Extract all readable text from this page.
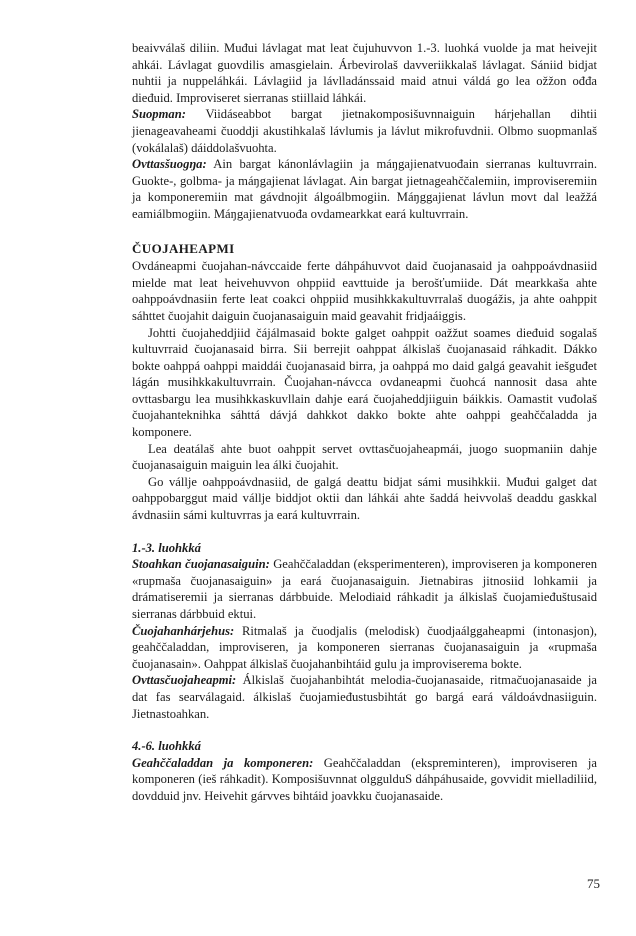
beaivválaš diliin. Muđui lávlagat mat leat čujuhuvvon 1.-3. luohká vuolde ja mat heivejit ahkái. Lávlagat guovdilis amasgielain. Árbevirolaš davveriikkalaš lávlagat. Sániid bidjat nuhtii ja nuppeláhkái. Lávlagiid ja lávlladánssaid maid atnui váldá go lea ožžon ođđa dieđuid. Improviseret sierranas stiillaid láhkái.

Suopman: Viidáseabbot bargat jietnakomposišuvnnaiguin hárjehallan dihtii jienageavaheami čuoddji akustihkalaš lávlumis ja lávlut mikrofuvdnii. Olbmo suopmanlaš (vokálalaš) dáiddolašvuohta.

Ovttasšuogŋa: Ain bargat kánonlávlagiin ja máŋgajienatvuođain sierranas kultuvrrain. Guokte-, golbma- ja máŋgajienat lávlagat. Ain bargat jietnageahččalemiin, improviseremiin ja komponeremiin mat gávdnojit álgoálbmogiin. Máŋggajienat lávlun movt dal leažžá eamiálbmogiin. Máŋgajienatvuođa ovdamearkkat eará kultuvrrain.

ČUOJAHEAPMI

Ovdáneapmi čuojahan-návccaide ferte dáhpáhuvvot daid čuojanasaid ja oahppoávdnasiid mielde mat leat heivehuvvon ohppiid eavttuide ja berošťumiide. Dát mearkkaša ahte oahppoávdnasiin ferte leat coakci ohppiid musihkkakultuvrralaš duogážis, ja ahte oahppit sáhttet čuojahit daiguin čuojanasaiguin maid geavahit fridjaáiggis.

Johtti čuojaheddjiid čájálmasaid bokte galget oahppit oažžut soames dieđuid sogalaš kultuvrraid čuojanasaid birra. Sii berrejit oahppat álkislaš čuojanasaid ráhkadit. Dákko bokte oahppá oahppi maiddái čuojanasaid birra, ja oahppá mo daid galgá geavahit iešguđet lágán musihkkakultuvrrain. Čuojahan-návcca ovdaneapmi čuohcá nannosit dasa ahte ovttasbargu lea musihkkaskuvllain dahje eará čuojaheddjiiguin báikkis. Oamastit vuđolaš čuojahanteknihka sáhttá dávjá dahkkot dakko bokte ahte oahppi geahččaladda ja komponere.

Lea deatálaš ahte buot oahppit servet ovttasčuojaheapmái, juogo suopmaniin dahje čuojanasaiguin maiguin lea álki čuojahit.

Go vállje oahppoávdnasiid, de galgá deattu bidjat sámi musihkkii. Muđui galget dat oahppobarggut maid vállje biddjot oktii dan láhkái ahte šaddá heivvolaš deaddu gaskkal ávdnasiin sámi kultuvrras ja eará kultuvrrain.

1.-3. luohkká

Stoahkan čuojanasaiguin: Geahččaladdan (eksperimenteren), improviseren ja komponeren «rupmaša čuojanasaiguin» ja eará čuojanasaiguin. Jietnabiras jitnosiid lohkamii ja drámatiseremii ja sierranas dárbbuide. Melodiaid ráhkadit ja álkislaš čuojamieđuštusaid sierranas dárbbuid ektui.

Čuojahanhárjehus: Ritmalaš ja čuodjalis (melodisk) čuodjaálggaheapmi (intonasjon), geahččaladdan, improviseren, ja komponeren sierranas čuojanasaiguin ja «rupmaša čuojanasain». Oahppat álkislaš čuojahanbihtáid gulu ja improviserema bokte.

Ovttasčuojaheapmi: Álkislaš čuojahanbihtát melodia-čuojanasaide, ritmačuojanasaide ja dat fas searválagaid. álkislaš čuojamieđustusbihtát go bargá eará váldoávdnasiiguin. Jietnastoahkan.

4.-6. luohkká

Geahččaladdan ja komponeren: Geahččaladdan (ekspreminteren), improviseren ja komponeren (ieš ráhkadit). Komposišuvnnat olggulduS dáhpáhusaide, govvidit mielladiliid, dovdduid jnv. Heivehit gárvves bihtáid joavkku čuojanasaide.

75
